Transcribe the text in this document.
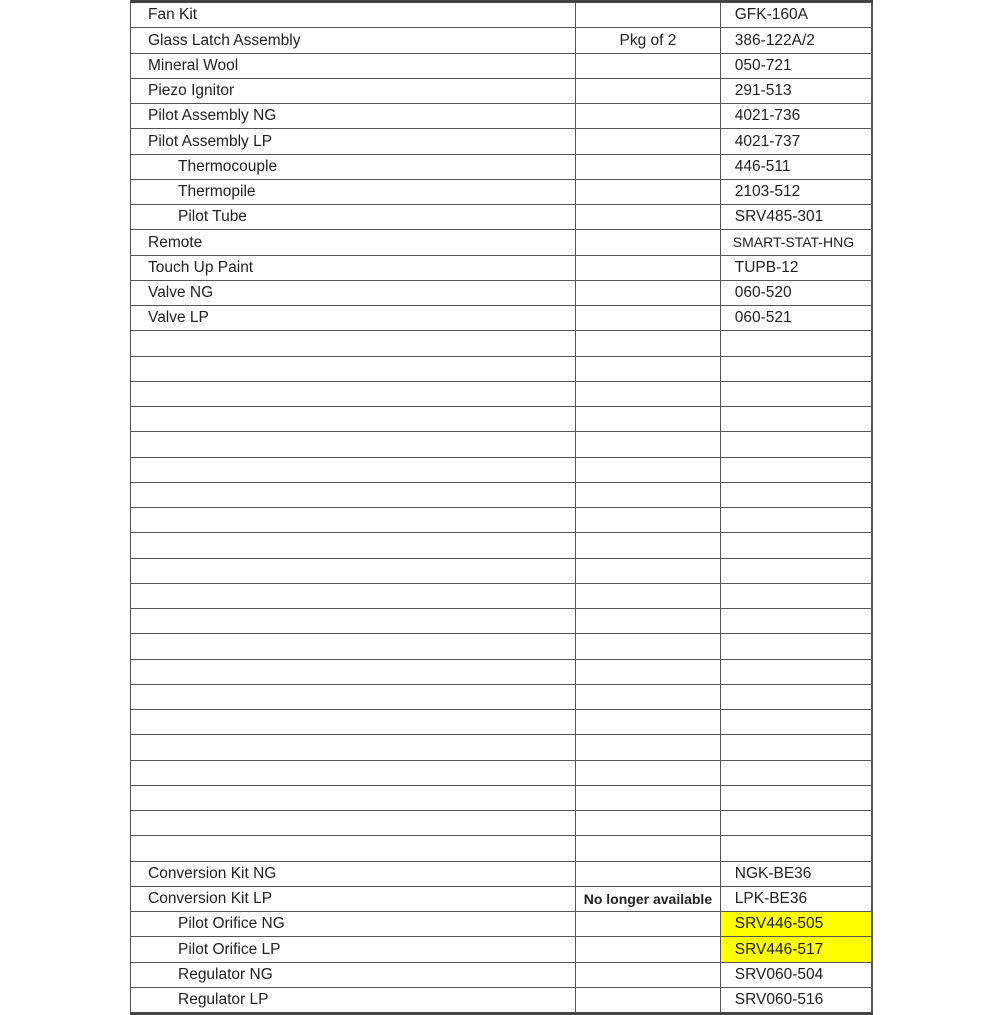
Fan Kit		GFK-160A
Glass Latch Assembly	Pkg of 2	386-122A/2
Mineral Wool		050-721
Piezo Ignitor		291-513
Pilot Assembly NG		4021-736
Pilot Assembly LP		4021-737
Thermocouple		446-511
Thermopile		2103-512
Pilot Tube		SRV485-301
Remote		SMART-STAT-HNG
Touch Up Paint		TUPB-12
Valve NG		060-520
Valve LP		060-521

Conversion Kit NG		NGK-BE36
Conversion Kit LP	No longer available	LPK-BE36
Pilot Orifice NG		SRV446-505
Pilot Orifice LP		SRV446-517
Regulator NG		SRV060-504
Regulator LP		SRV060-516
